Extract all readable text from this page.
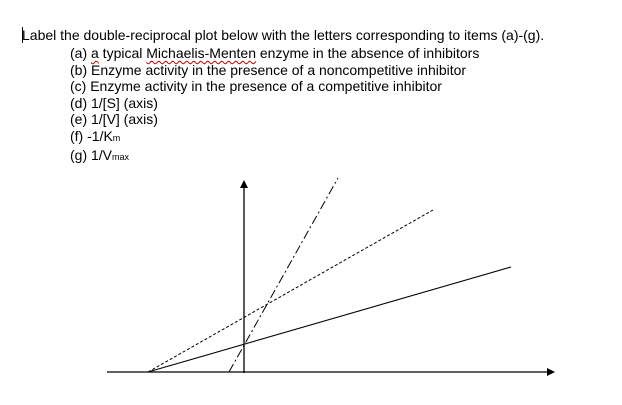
Label the double-reciprocal plot below with the letters corresponding to items (a)-(g).
(a) a typical Michaelis-Menten enzyme in the absence of inhibitors
(b) Enzyme activity in the presence of a noncompetitive inhibitor
(c) Enzyme activity in the presence of a competitive inhibitor
(d) 1/[S] (axis)
(e) 1/[V] (axis)
(f) -1/Km
(g) 1/Vmax
